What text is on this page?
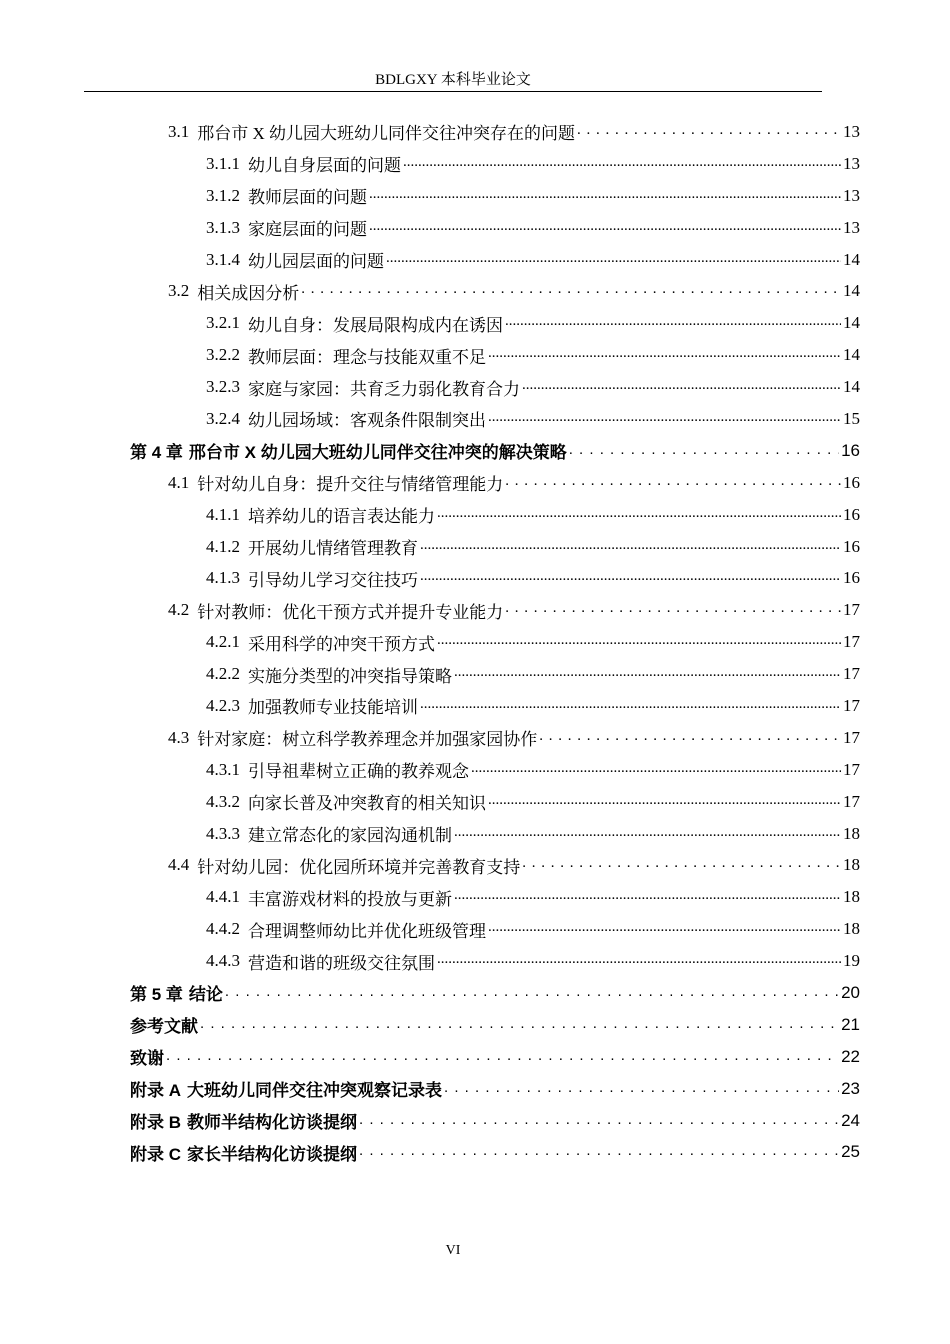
BDLGXY 本科毕业论文
3.1 邢台市 X 幼儿园大班幼儿同伴交往冲突存在的问题 . . .	13
3.1.1 幼儿自身层面的问题 .....	13
3.1.2 教师层面的问题 .....	13
3.1.3 家庭层面的问题 .....	13
3.1.4 幼儿园层面的问题 .....	14
3.2 相关成因分析 . . .	14
3.2.1 幼儿自身：发展局限构成内在诱因 .....	14
3.2.2 教师层面：理念与技能双重不足 .....	14
3.2.3 家庭与家园：共育乏力弱化教育合力 .....	14
3.2.4 幼儿园场域：客观条件限制突出 .....	15
第 4 章 邢台市 X 幼儿园大班幼儿同伴交往冲突的解决策略 . . .	16
4.1 针对幼儿自身：提升交往与情绪管理能力 . . .	16
4.1.1 培养幼儿的语言表达能力 .....	16
4.1.2 开展幼儿情绪管理教育 .....	16
4.1.3 引导幼儿学习交往技巧 .....	16
4.2 针对教师：优化干预方式并提升专业能力 . . .	17
4.2.1 采用科学的冲突干预方式 .....	17
4.2.2 实施分类型的冲突指导策略 .....	17
4.2.3 加强教师专业技能培训 .....	17
4.3 针对家庭：树立科学教养理念并加强家园协作 . . .	17
4.3.1 引导祖辈树立正确的教养观念 .....	17
4.3.2 向家长普及冲突教育的相关知识 .....	17
4.3.3 建立常态化的家园沟通机制 .....	18
4.4 针对幼儿园：优化园所环境并完善教育支持 . . .	18
4.4.1 丰富游戏材料的投放与更新 .....	18
4.4.2 合理调整师幼比并优化班级管理 .....	18
4.4.3 营造和谐的班级交往氛围 .....	19
第 5 章 结论 . . .	20
参考文献 . . .	21
致谢 . . .	22
附录 A 大班幼儿同伴交往冲突观察记录表 . . .	23
附录 B 教师半结构化访谈提纲 . . .	24
附录 C 家长半结构化访谈提纲 . . .	25
VI
